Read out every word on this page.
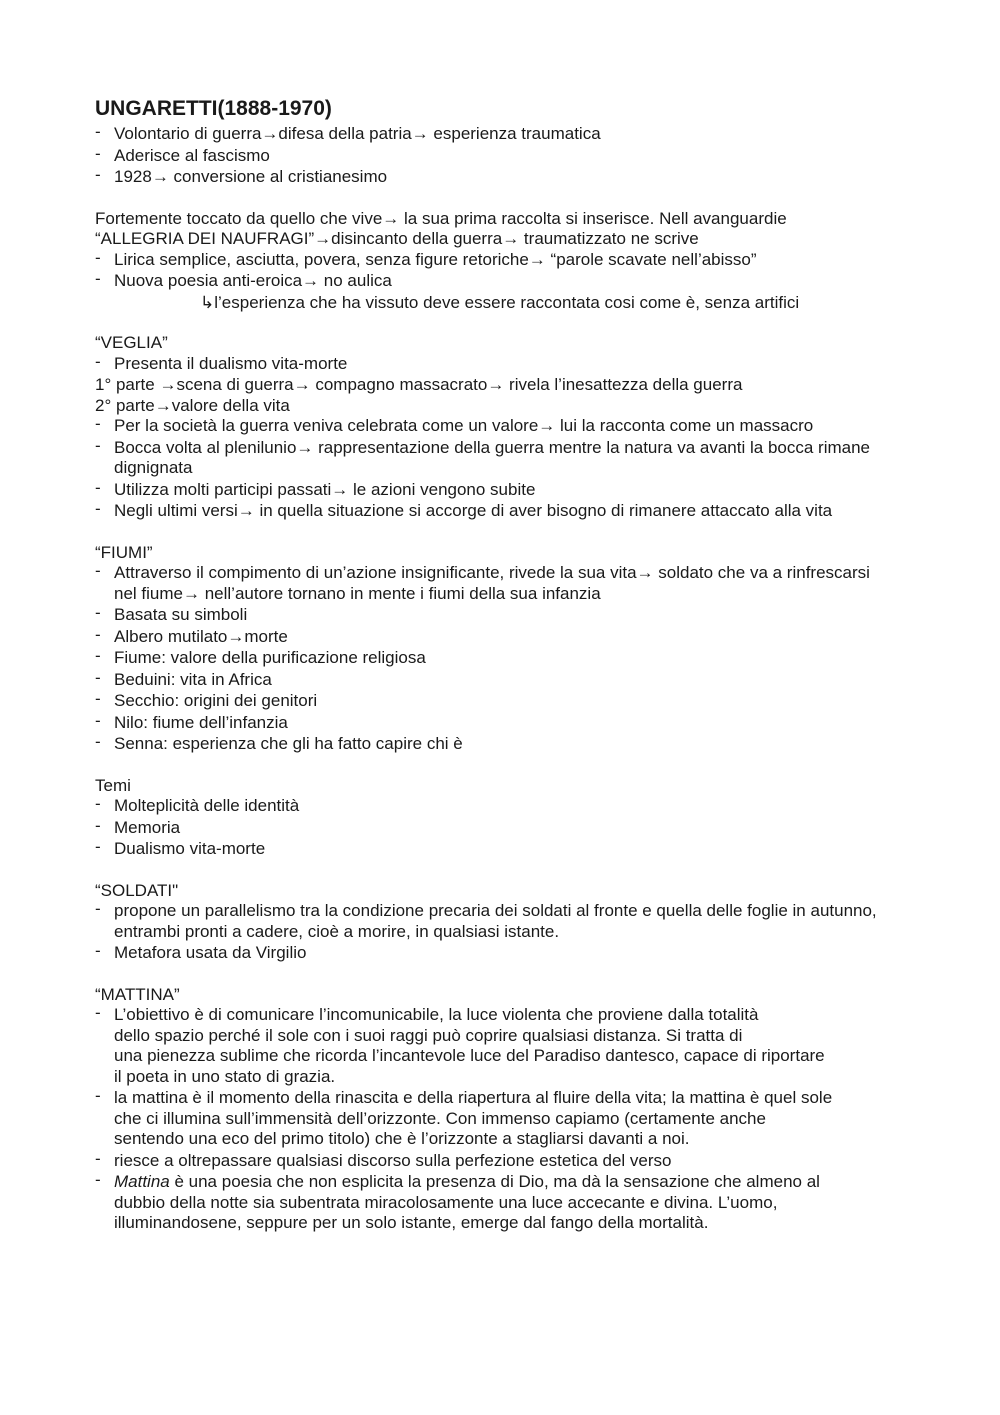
UNGARETTI(1888-1970)
- Volontario di guerra→difesa della patria→ esperienza traumatica
- Aderisce al fascismo
- 1928→ conversione al cristianesimo

Fortemente toccato da quello che vive→ la sua prima raccolta si inserisce. Nell avanguardie

“ALLEGRIA DEI NAUFRAGI”→disincanto della guerra→ traumatizzato ne scrive

- Lirica semplice, asciutta, povera, senza figure retoriche→ “parole scavate nell’abisso”
- Nuova poesia anti-eroica→ no aulica

↳l’esperienza che ha vissuto deve essere raccontata cosi come è, senza artifici

“VEGLIA”

- Presenta il dualismo vita-morte

1° parte →scena di guerra→ compagno massacrato→ rivela l’inesattezza della guerra

2° parte→valore della vita

- Per la società la guerra veniva celebrata come un valore→ lui la racconta come un massacro
- Bocca volta al plenilunio→ rappresentazione della guerra mentre la natura va avanti la bocca rimane dignignata
- Utilizza molti participi passati→ le azioni vengono subite
- Negli ultimi versi→ in quella situazione si accorge di aver bisogno di rimanere attaccato alla vita

“FIUMI”

- Attraverso il compimento di un’azione insignificante, rivede la sua vita→ soldato che va a rinfrescarsi nel fiume→ nell’autore tornano in mente i fiumi della sua infanzia
- Basata su simboli
- Albero mutilato→morte
- Fiume: valore della purificazione religiosa
- Beduini: vita in Africa
- Secchio: origini dei genitori
- Nilo: fiume dell’infanzia
- Senna: esperienza che gli ha fatto capire chi è

Temi

- Molteplicità delle identità
- Memoria
- Dualismo vita-morte

“SOLDATI"

- propone un parallelismo tra la condizione precaria dei soldati al fronte e quella delle foglie in autunno, entrambi pronti a cadere, cioè a morire, in qualsiasi istante.
- Metafora usata da Virgilio

“MATTINA”

- L’obiettivo è di comunicare l’incomunicabile, la luce violenta che proviene dalla totalità
dello spazio perché il sole con i suoi raggi può coprire qualsiasi distanza. Si tratta di
una pienezza sublime che ricorda l’incantevole luce del Paradiso dantesco, capace di riportare
il poeta in uno stato di grazia.
- la mattina è il momento della rinascita e della riapertura al fluire della vita; la mattina è quel sole
che ci illumina sull’immensità dell’orizzonte. Con immenso capiamo (certamente anche
sentendo una eco del primo titolo) che è l’orizzonte a stagliarsi davanti a noi.
- riesce a oltrepassare qualsiasi discorso sulla perfezione estetica del verso
- Mattina è una poesia che non esplicita la presenza di Dio, ma dà la sensazione che almeno al
dubbio della notte sia subentrata miracolosamente una luce accecante e divina. L’uomo,
illuminandosene, seppure per un solo istante, emerge dal fango della mortalità.
